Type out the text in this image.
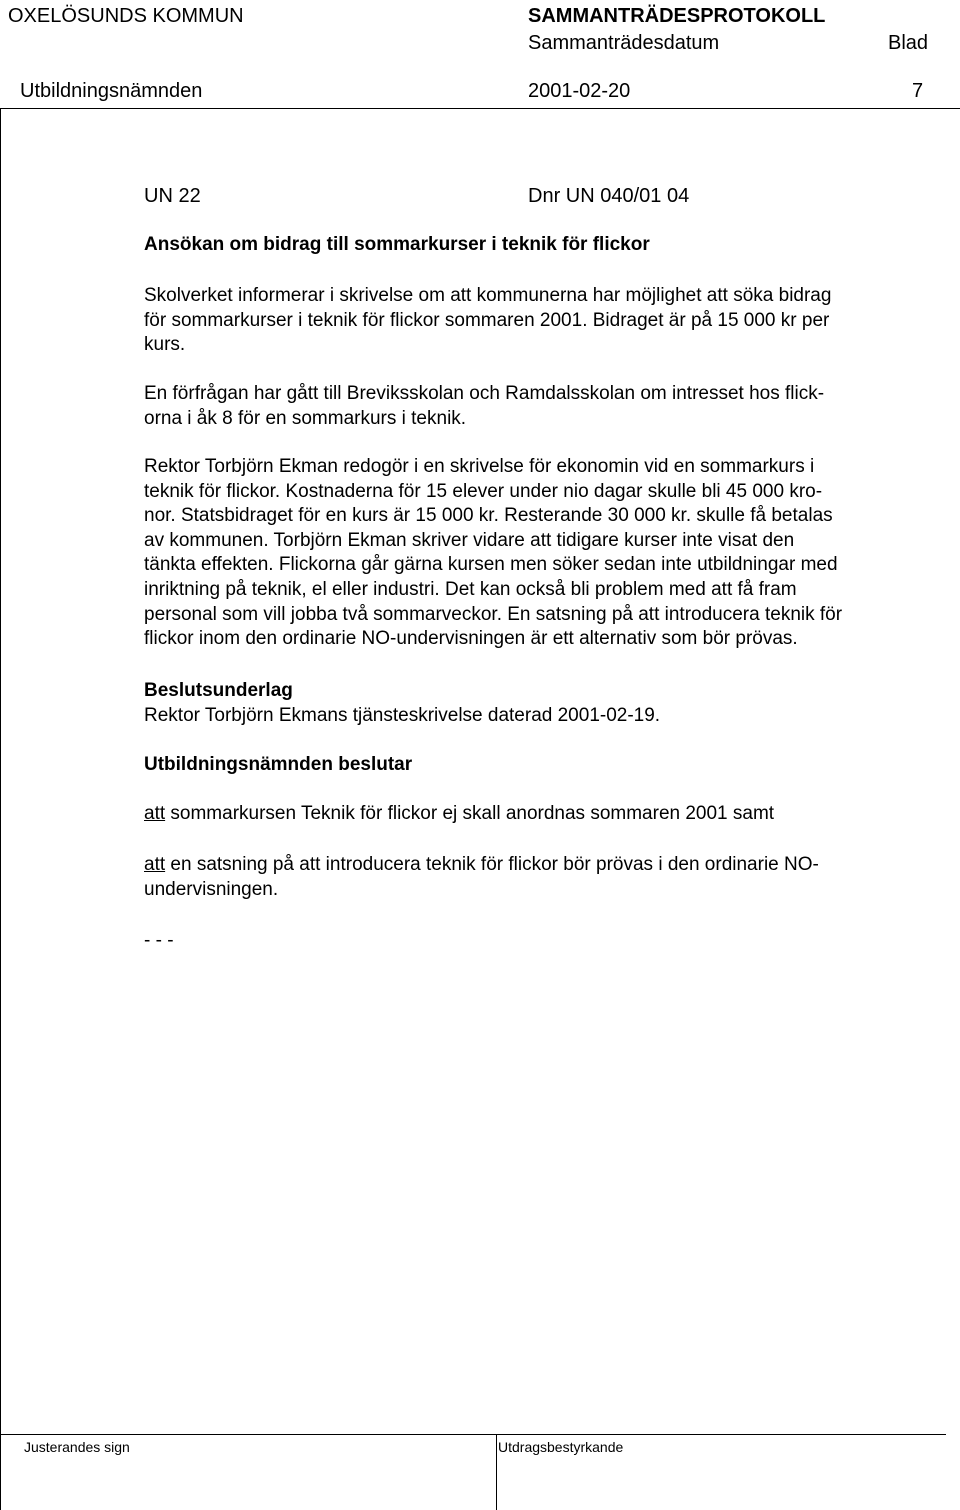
OXELÖSUNDS KOMMUN	SAMMANTRÄDESPROTOKOLL
Sammanträdesdatum	Blad
Utbildningsnämnden	2001-02-20	7
UN 22	Dnr UN 040/01 04
Ansökan om bidrag till sommarkurser i teknik för flickor
Skolverket informerar i skrivelse om att kommunerna har möjlighet att söka bidrag
för sommarkurser i teknik för flickor sommaren 2001. Bidraget är på 15 000 kr per
kurs.
En förfrågan har gått till Breviksskolan och Ramdalsskolan om intresset hos flick-
orna i åk 8 för en sommarkurs i teknik.
Rektor Torbjörn Ekman redogör i en skrivelse för ekonomin vid en sommarkurs i
teknik för flickor. Kostnaderna för 15 elever under nio dagar skulle bli 45 000 kro-
nor. Statsbidraget för en kurs är 15 000 kr. Resterande 30 000 kr. skulle få betalas
av kommunen. Torbjörn Ekman skriver vidare att tidigare kurser inte visat den
tänkta effekten. Flickorna går gärna kursen men söker sedan inte utbildningar med
inriktning på teknik, el eller industri. Det kan också bli problem med att få fram
personal som vill jobba två sommarveckor. En satsning på att introducera teknik för
flickor inom den ordinarie NO-undervisningen är ett alternativ som bör prövas.
Beslutsunderlag
Rektor Torbjörn Ekmans tjänsteskrivelse daterad 2001-02-19.
Utbildningsnämnden beslutar
att sommarkursen Teknik för flickor ej skall anordnas sommaren 2001 samt
att en satsning på att introducera teknik för flickor bör prövas i den ordinarie NO-
undervisningen.
- - -
Justerandes sign	Utdragsbestyrkande
